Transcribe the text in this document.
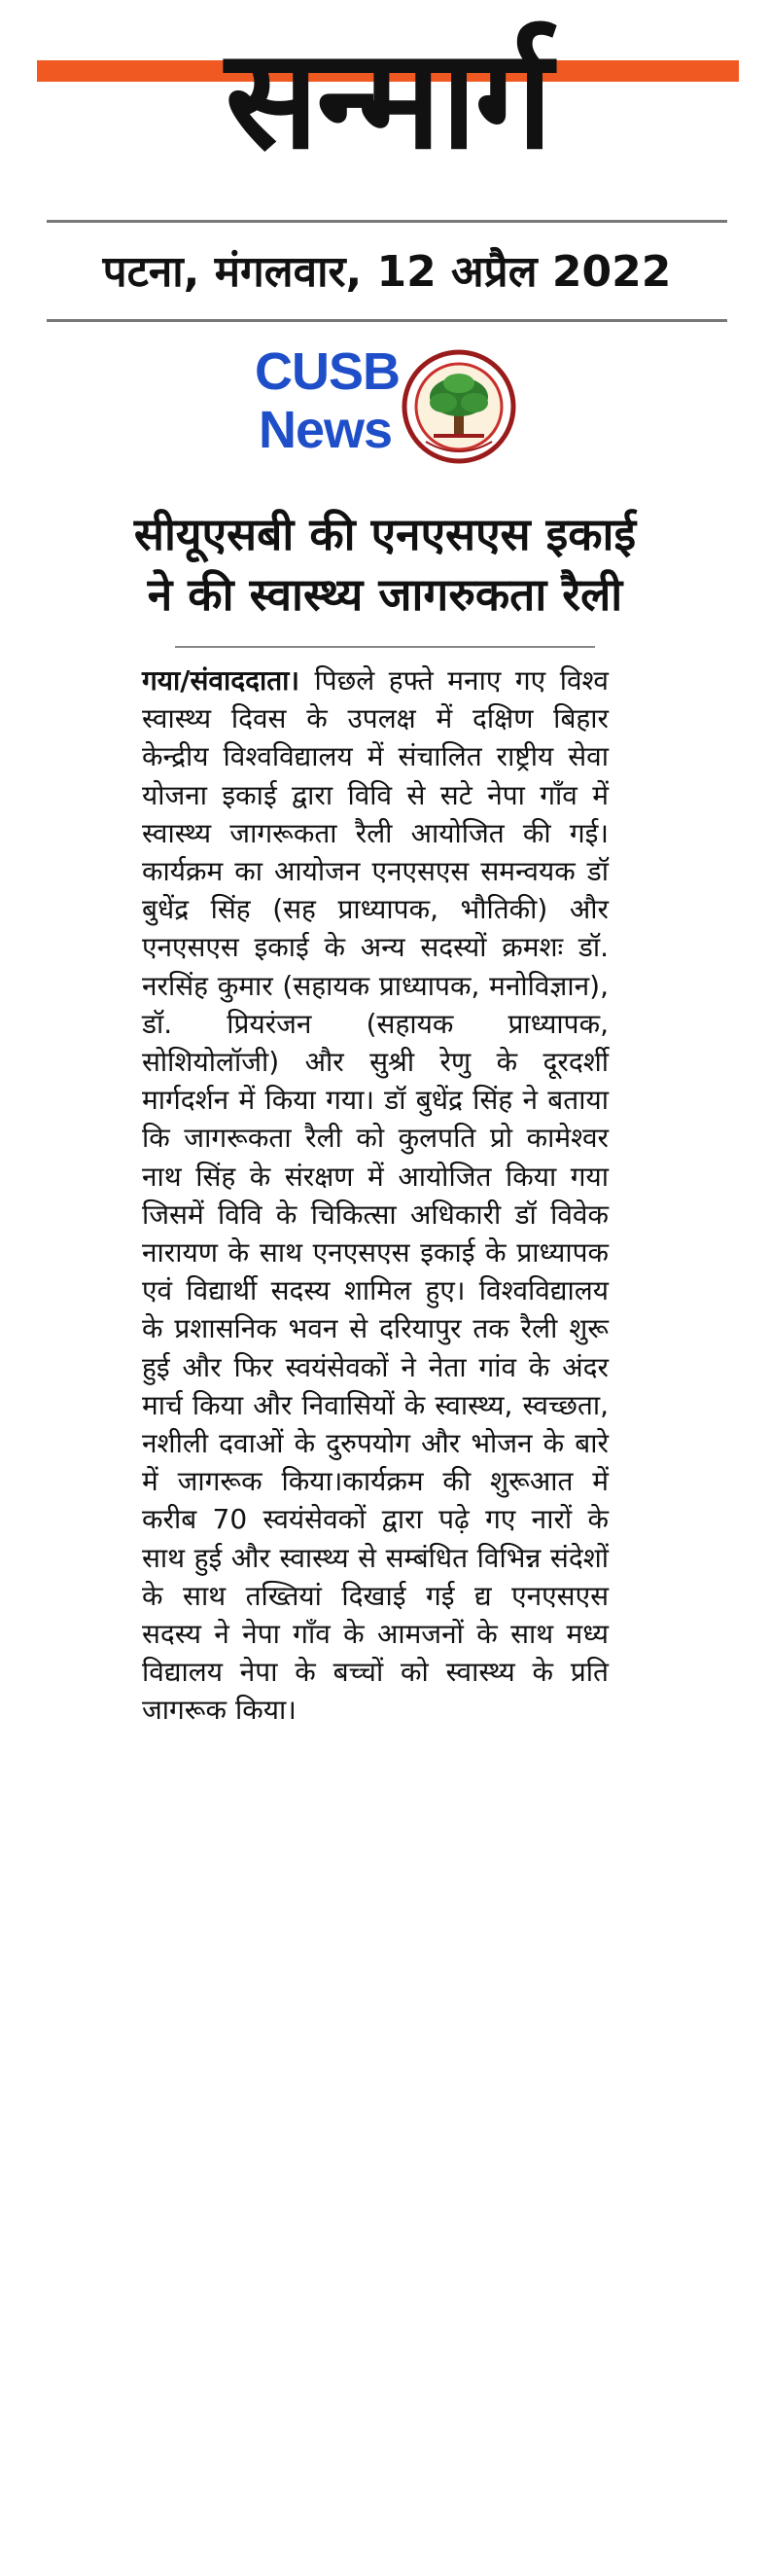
सन्मार्ग
पटना, मंगलवार, 12 अप्रैल 2022
CUSB
News
सीयूएसबी की एनएसएस इकाई
ने की स्वास्थ्य जागरुकता रैली
गया/संवाददाता। पिछले हफ्ते मनाए गए विश्व स्वास्थ्य दिवस के उपलक्ष में दक्षिण बिहार केन्द्रीय विश्वविद्यालय में संचालित राष्ट्रीय सेवा योजना इकाई द्वारा विवि से सटे नेपा गाँव में स्वास्थ्य जागरूकता रैली आयोजित की गई।कार्यक्रम का आयोजन एनएसएस समन्वयक डॉ बुधेंद्र सिंह (सह प्राध्यापक, भौतिकी) और एनएसएस इकाई के अन्य सदस्यों क्रमशः डॉ. नरसिंह कुमार (सहायक प्राध्यापक, मनोविज्ञान), डॉ. प्रियरंजन (सहायक प्राध्यापक, सोशियोलॉजी) और सुश्री रेणु के दूरदर्शी मार्गदर्शन में किया गया। डॉ बुधेंद्र सिंह ने बताया कि जागरूकता रैली को कुलपति प्रो कामेश्वर नाथ सिंह के संरक्षण में आयोजित किया गया जिसमें विवि के चिकित्सा अधिकारी डॉ विवेक नारायण के साथ एनएसएस इकाई के प्राध्यापक एवं विद्यार्थी सदस्य शामिल हुए। विश्वविद्यालय के प्रशासनिक भवन से दरियापुर तक रैली शुरू हुई और फिर स्वयंसेवकों ने नेता गांव के अंदर मार्च किया और निवासियों के स्वास्थ्य, स्वच्छता, नशीली दवाओं के दुरुपयोग और भोजन के बारे में जागरूक किया।कार्यक्रम की शुरूआत में करीब 70 स्वयंसेवकों द्वारा पढ़े गए नारों के साथ हुई और स्वास्थ्य से सम्बंधित विभिन्न संदेशों के साथ तख्तियां दिखाई गई द्य एनएसएस सदस्य ने नेपा गाँव के आमजनों के साथ मध्य विद्यालय नेपा के बच्चों को स्वास्थ्य के प्रति जागरूक किया।
